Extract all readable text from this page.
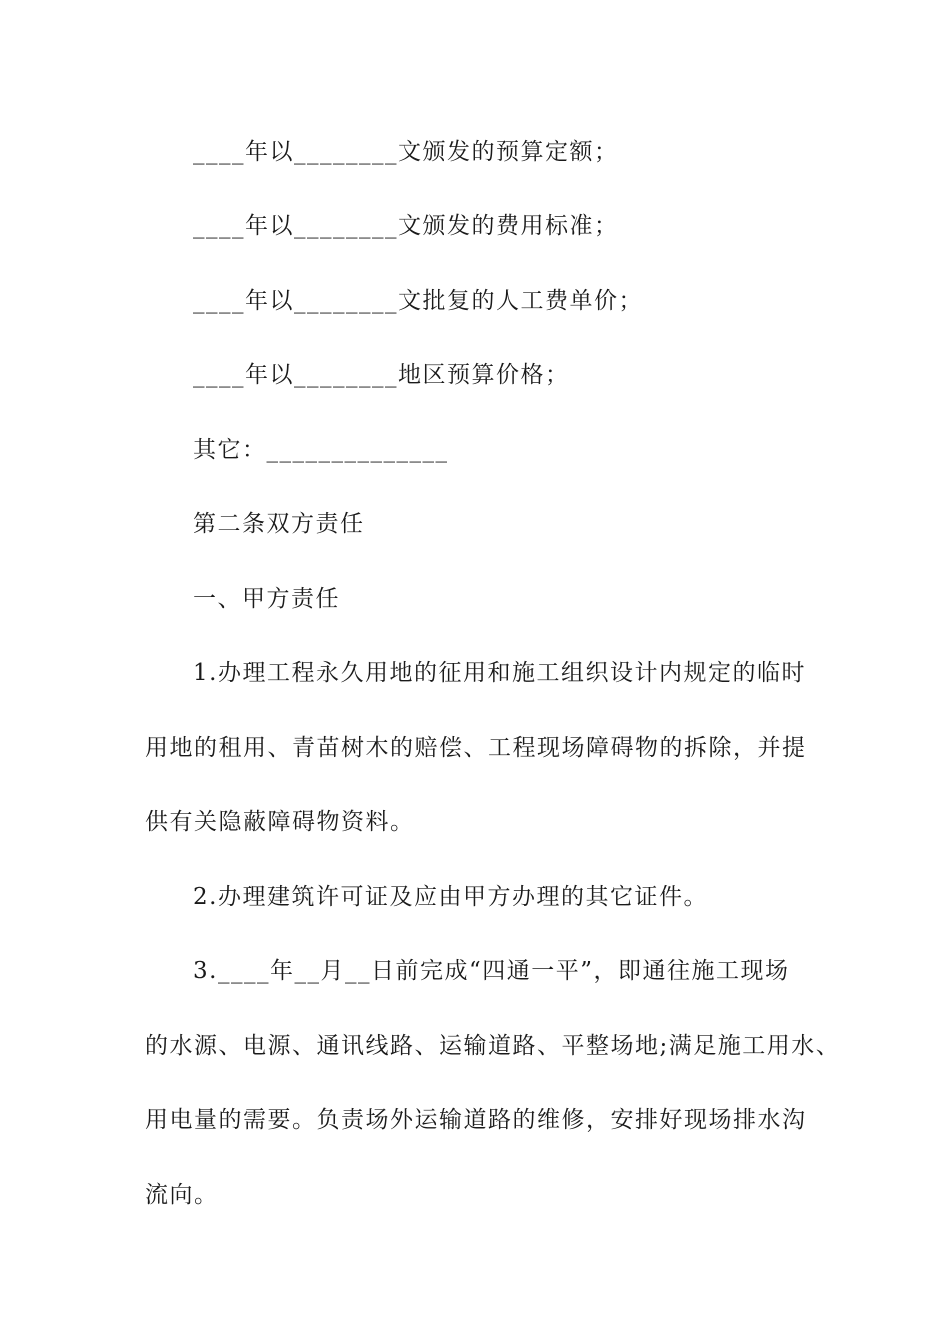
____年以________文颁发的预算定额；
____年以________文颁发的费用标准；
____年以________文批复的人工费单价；
____年以________地区预算价格；
其它：______________
第二条双方责任
一、甲方责任
1.办理工程永久用地的征用和施工组织设计内规定的临时
用地的租用、青苗树木的赔偿、工程现场障碍物的拆除，并提
供有关隐蔽障碍物资料。
2.办理建筑许可证及应由甲方办理的其它证件。
3.____年__月__日前完成“四通一平”，即通往施工现场
的水源、电源、通讯线路、运输道路、平整场地;满足施工用水、
用电量的需要。负责场外运输道路的维修，安排好现场排水沟
流向。
